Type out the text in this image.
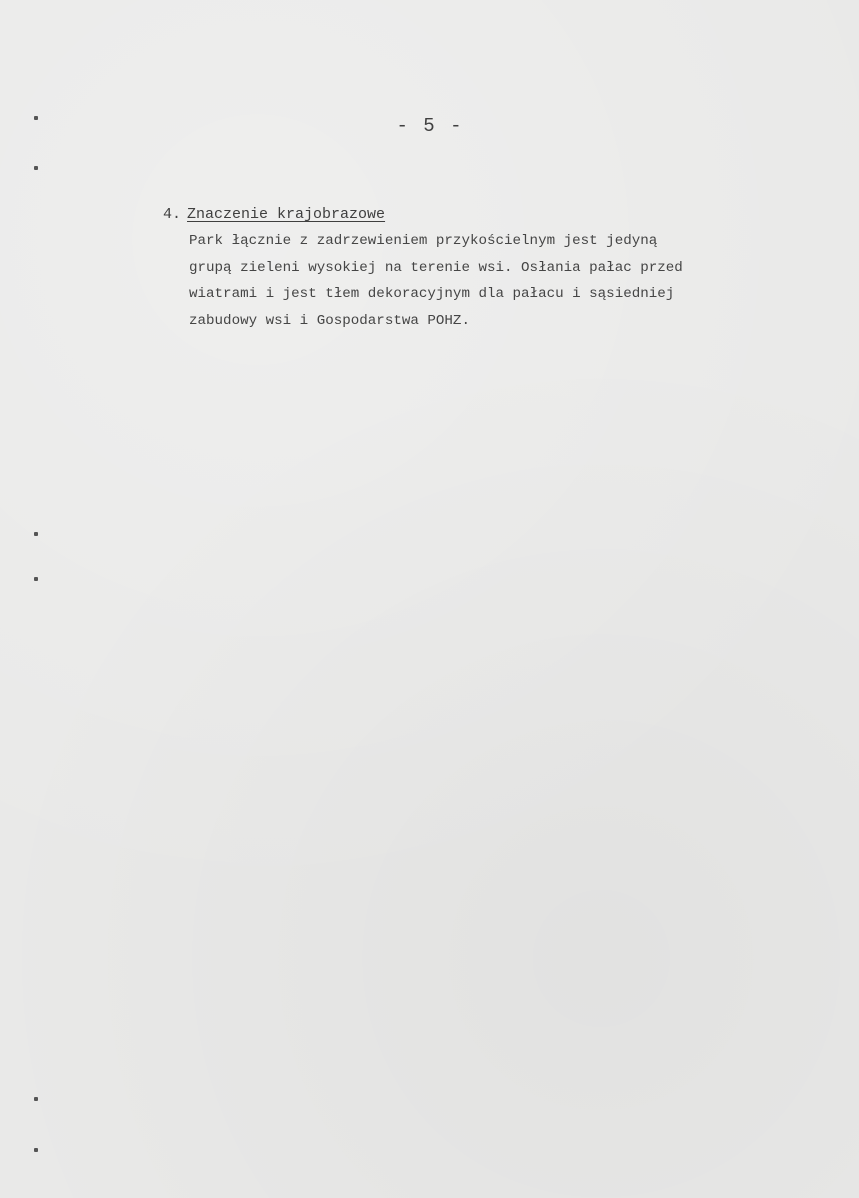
- 5 -
4. Znaczenie krajobrazowe
Park łącznie z zadrzewieniem przykościelnym jest jedyną
grupą zieleni wysokiej na terenie wsi. Osłania pałac przed
wiatrami i jest tłem dekoracyjnym dla pałacu i sąsiedniej
zabudowy wsi i Gospodarstwa POHZ.
